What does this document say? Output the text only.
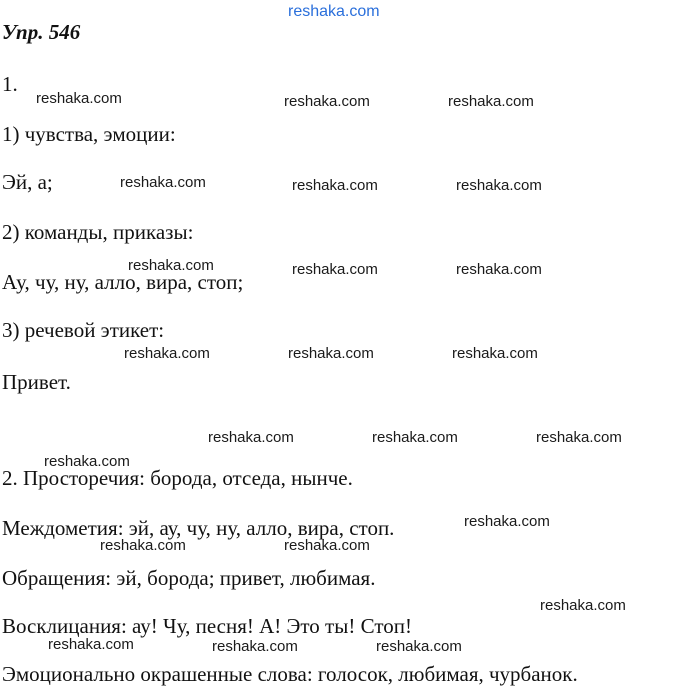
reshaka.com
Упр. 546
1.
1) чувства, эмоции:
Эй, а;
2) команды, приказы:
Ау, чу, ну, алло, вира, стоп;
3) речевой этикет:
Привет.
2. Просторечия: борода, отседа, нынче.
Междометия: эй, ау, чу, ну, алло, вира, стоп.
Обращения: эй, борода; привет, любимая.
Восклицания: ау! Чу, песня! А! Это ты! Стоп!
Эмоционально окрашенные слова: голосок, любимая, чурбанок.
reshaka.com	reshaka.com	reshaka.com
reshaka.com	reshaka.com	reshaka.com
reshaka.com	reshaka.com	reshaka.com
reshaka.com	reshaka.com	reshaka.com
reshaka.com	reshaka.com	reshaka.com
reshaka.com
reshaka.com
reshaka.com	reshaka.com
reshaka.com
reshaka.com	reshaka.com	reshaka.com
